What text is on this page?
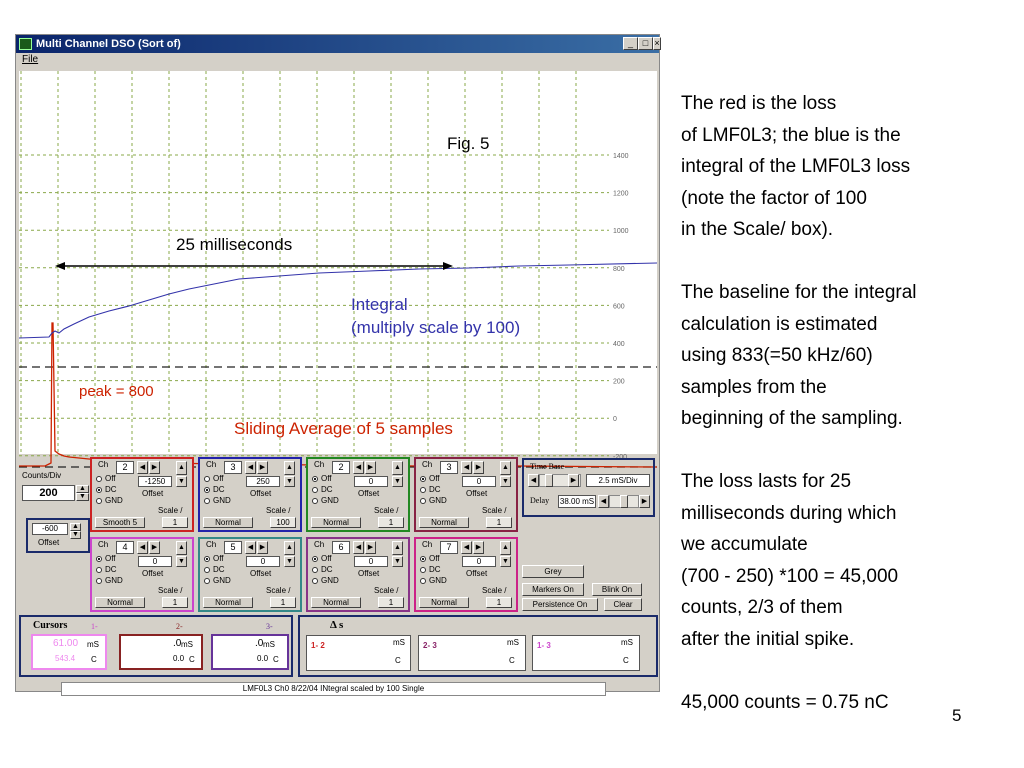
Multi Channel DSO (Sort of)	_	□ ×
File
1400
1200
1000
800
600
400
200
0
-200
Fig. 5
25 milliseconds
Integral
(multiply scale by 100)
peak = 800
Sliding Average of 5 samples
Counts/Div
200	▲
▼
-600	▲
▼
Offset
Ch	2	◀ ▶	▲
Off
DC
GND
-1250	▼
Offset
Scale /
Smooth 5	1
Ch	3	◀ ▶	▲
Off
DC
GND
250	▼
Offset
Scale /
Normal	100
Ch	2	◀ ▶	▲
Off
DC
GND
0	▼
Offset
Scale /
Normal	1
Ch	3	◀ ▶	▲
Off
DC
GND
0	▼
Offset
Scale /
Normal	1
Ch	4	◀ ▶	▲
Off
DC
GND
0	▼
Offset
Scale /
Normal	1
Ch	5	◀ ▶	▲
Off
DC
GND
0	▼
Offset
Scale /
Normal	1
Ch	6	◀ ▶	▲
Off
DC
GND
0	▼
Offset
Scale /
Normal	1
Ch	7	◀ ▶	▲
Off
DC
GND
0	▼
Offset
Scale /
Normal	1
Time Base
◀	▶	2.5 mS/Div
Delay 38.00 mS ◀	▶
Grey
Markers On	Blink On
Persistence On	Clear
Cursors	1-	2-	3-
61.00 mS
543.4 C
.0 mS
0.0 C
.0 mS
0.0 C
Δ s
1- 2	mS
C
2- 3	mS
C
1- 3	mS
C
LMF0L3 Ch0 8/22/04 INtegral scaled by 100 Single
The red is the loss
of LMF0L3; the blue is the
integral of the LMF0L3 loss
(note the factor of 100
in the Scale/ box).
The baseline for the integral
calculation is estimated
using 833(=50 kHz/60)
samples from the
beginning of the sampling.
The loss lasts for 25
milliseconds during which
we accumulate
(700 - 250) *100 = 45,000
counts, 2/3 of them
after the initial spike.
45,000 counts = 0.75 nC
5
